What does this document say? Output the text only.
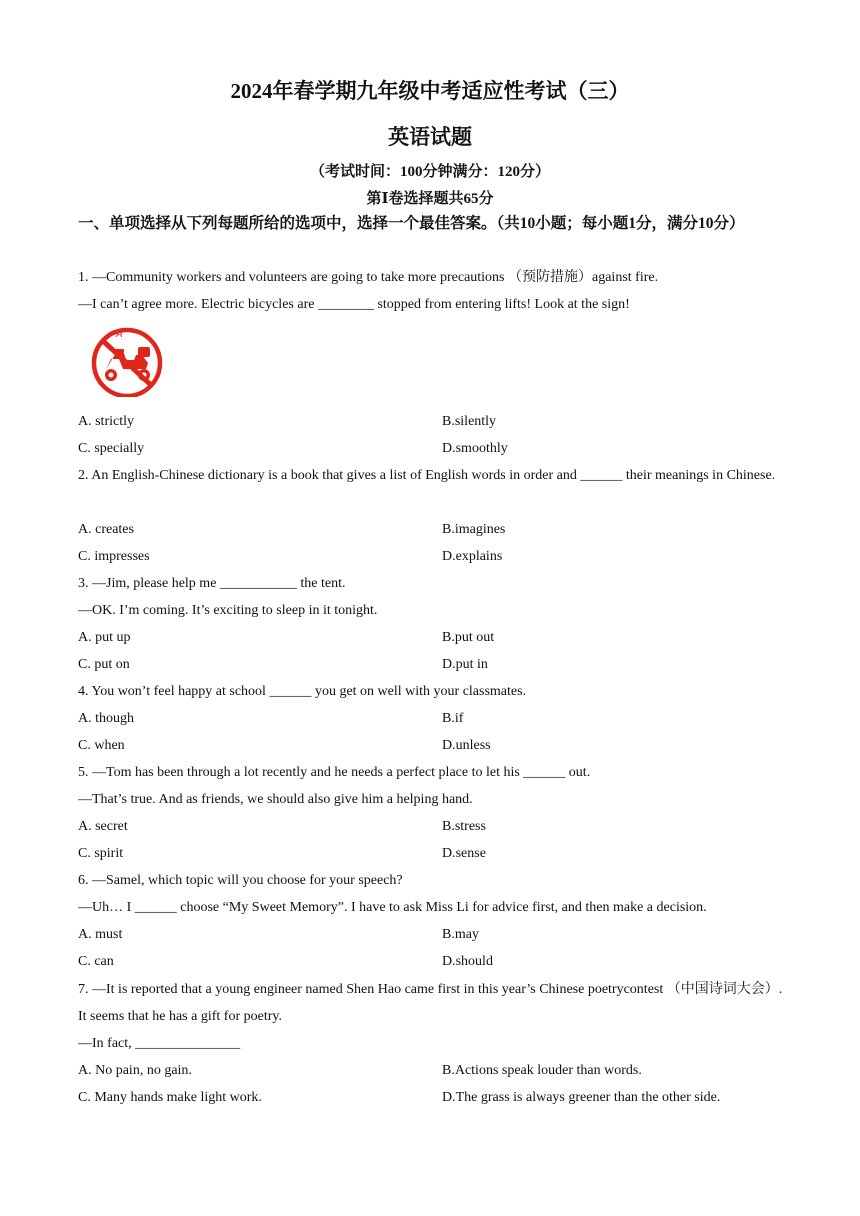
2024年春学期九年级中考适应性考试（三）
英语试题
（考试时间：100分钟满分：120分）
第Ⅰ卷选择题共65分
一、单项选择从下列每题所给的选项中，选择一个最佳答案。（共10小题；每小题1分，满分10分）
1. —Community workers and volunteers are going to take more precautions （预防措施）against fire.
—I can’t agree more. Electric bicycles are ________ stopped from entering lifts! Look at the sign!
A
A. strictly	B.silently
C. specially	D.smoothly
2. An English-Chinese dictionary is a book that gives a list of English words in order and ______ their meanings in Chinese.
A. creates	B.imagines
C. impresses	D.explains
3. —Jim, please help me ___________ the tent.
—OK. I’m coming. It’s exciting to sleep in it tonight.
A. put up	B.put out
C. put on	D.put in
4. You won’t feel happy at school ______ you get on well with your classmates.
A. though	B.if
C. when	D.unless
5. —Tom has been through a lot recently and he needs a perfect place to let his ______ out.
—That’s true. And as friends, we should also give him a helping hand.
A. secret	B.stress
C. spirit	D.sense
6. —Samel, which topic will you choose for your speech?
—Uh… I ______ choose “My Sweet Memory”. I have to ask Miss Li for advice first, and then make a decision.
A. must	B.may
C. can	D.should
7. —It is reported that a young engineer named Shen Hao came first in this year’s Chinese poetrycontest （中国诗词大会）. It seems that he has a gift for poetry.
—In fact, _______________
A. No pain, no gain.	B.Actions speak louder than words.
C. Many hands make light work.	D.The grass is always greener than the other side.
